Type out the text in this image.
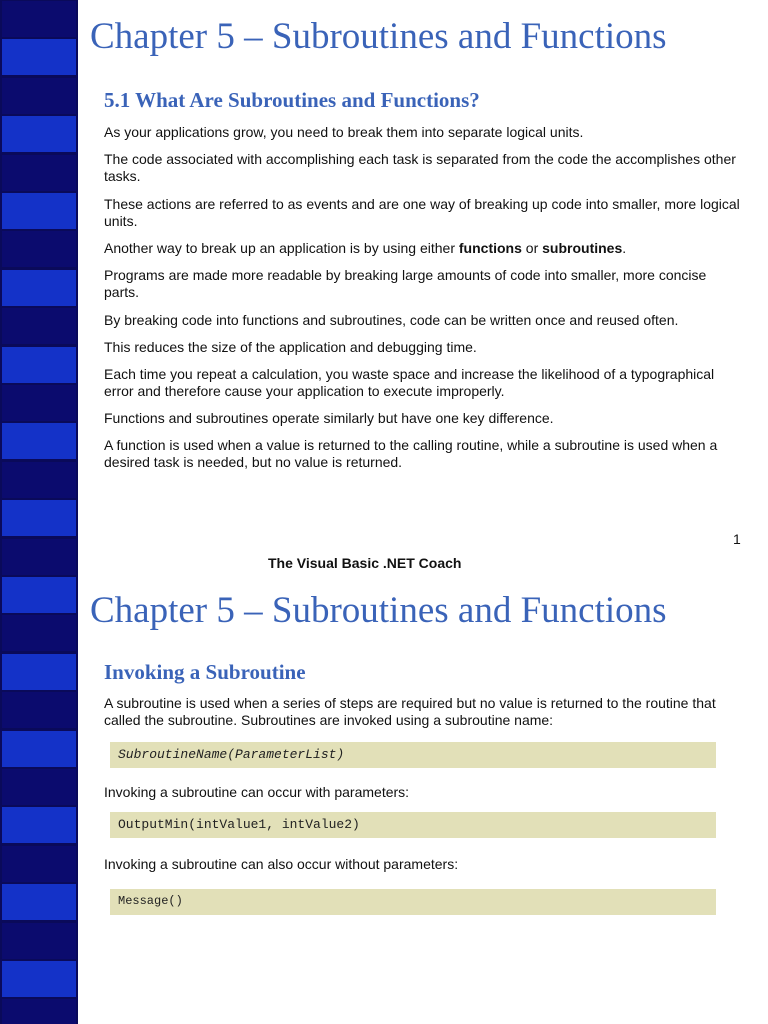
Chapter 5 – Subroutines and Functions
5.1 What Are Subroutines and Functions?

As your applications grow, you need to break them into separate logical units.

The code associated with accomplishing each task is separated from the code the accomplishes other tasks.

These actions are referred to as events and are one way of breaking up code into smaller, more logical units.

Another way to break up an application is by using either functions or subroutines.

Programs are made more readable by breaking large amounts of code into smaller, more concise parts.

By breaking code into functions and subroutines, code can be written once and reused often.

This reduces the size of the application and debugging time.

Each time you repeat a calculation, you waste space and increase the likelihood of a typographical error and therefore cause your application to execute improperly.

Functions and subroutines operate similarly but have one key difference.

A function is used when a value is returned to the calling routine, while a subroutine is used when a desired task is needed, but no value is returned.

1
The Visual Basic .NET Coach
Chapter 5 – Subroutines and Functions
Invoking a Subroutine

A subroutine is used when a series of steps are required but no value is returned to the routine that called the subroutine. Subroutines are invoked using a subroutine name:

SubroutineName(ParameterList)

Invoking a subroutine can occur with parameters:

OutputMin(intValue1, intValue2)

Invoking a subroutine can also occur without parameters:

Message()
